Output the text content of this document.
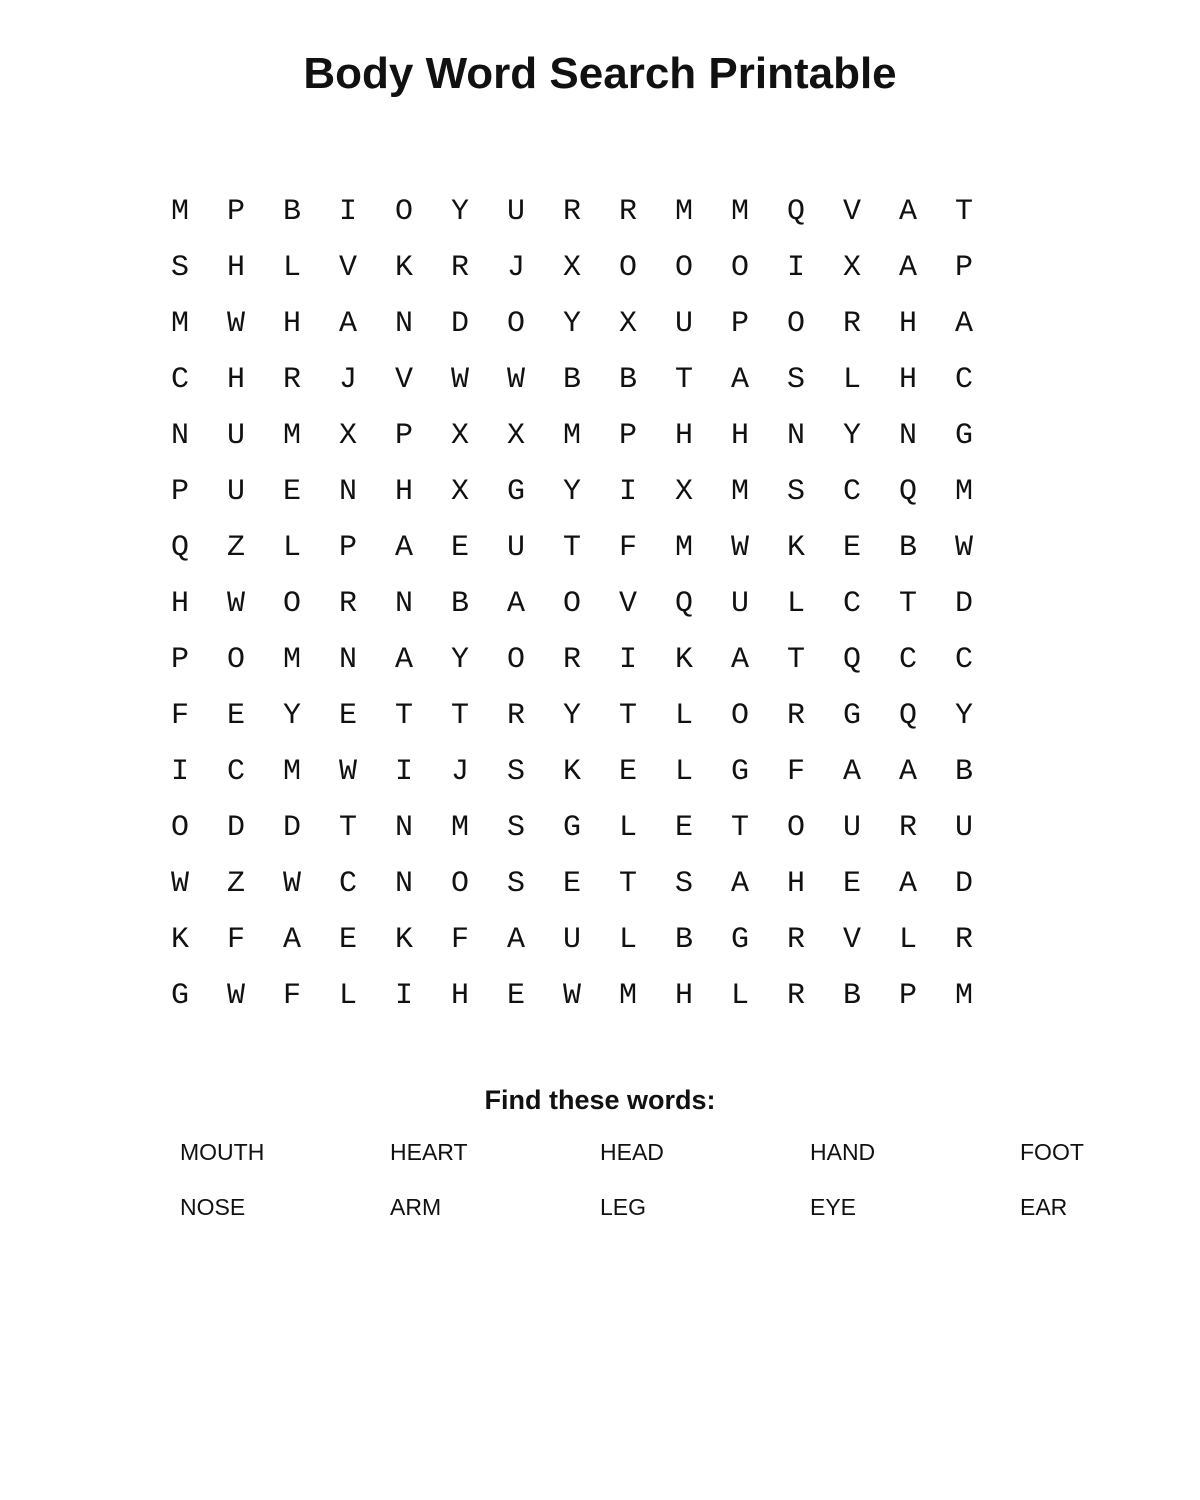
Body Word Search Printable
M	P	B	I	O	Y	U	R	R	M	M	Q	V	A	T
S	H	L	V	K	R	J	X	O	O	O	I	X	A	P
M	W	H	A	N	D	O	Y	X	U	P	O	R	H	A
C	H	R	J	V	W	W	B	B	T	A	S	L	H	C
N	U	M	X	P	X	X	M	P	H	H	N	Y	N	G
P	U	E	N	H	X	G	Y	I	X	M	S	C	Q	M
Q	Z	L	P	A	E	U	T	F	M	W	K	E	B	W
H	W	O	R	N	B	A	O	V	Q	U	L	C	T	D
P	O	M	N	A	Y	O	R	I	K	A	T	Q	C	C
F	E	Y	E	T	T	R	Y	T	L	O	R	G	Q	Y
I	C	M	W	I	J	S	K	E	L	G	F	A	A	B
O	D	D	T	N	M	S	G	L	E	T	O	U	R	U
W	Z	W	C	N	O	S	E	T	S	A	H	E	A	D
K	F	A	E	K	F	A	U	L	B	G	R	V	L	R
G	W	F	L	I	H	E	W	M	H	L	R	B	P	M
Find these words:
MOUTH	HEART	HEAD	HAND	FOOT
NOSE	ARM	LEG	EYE	EAR
